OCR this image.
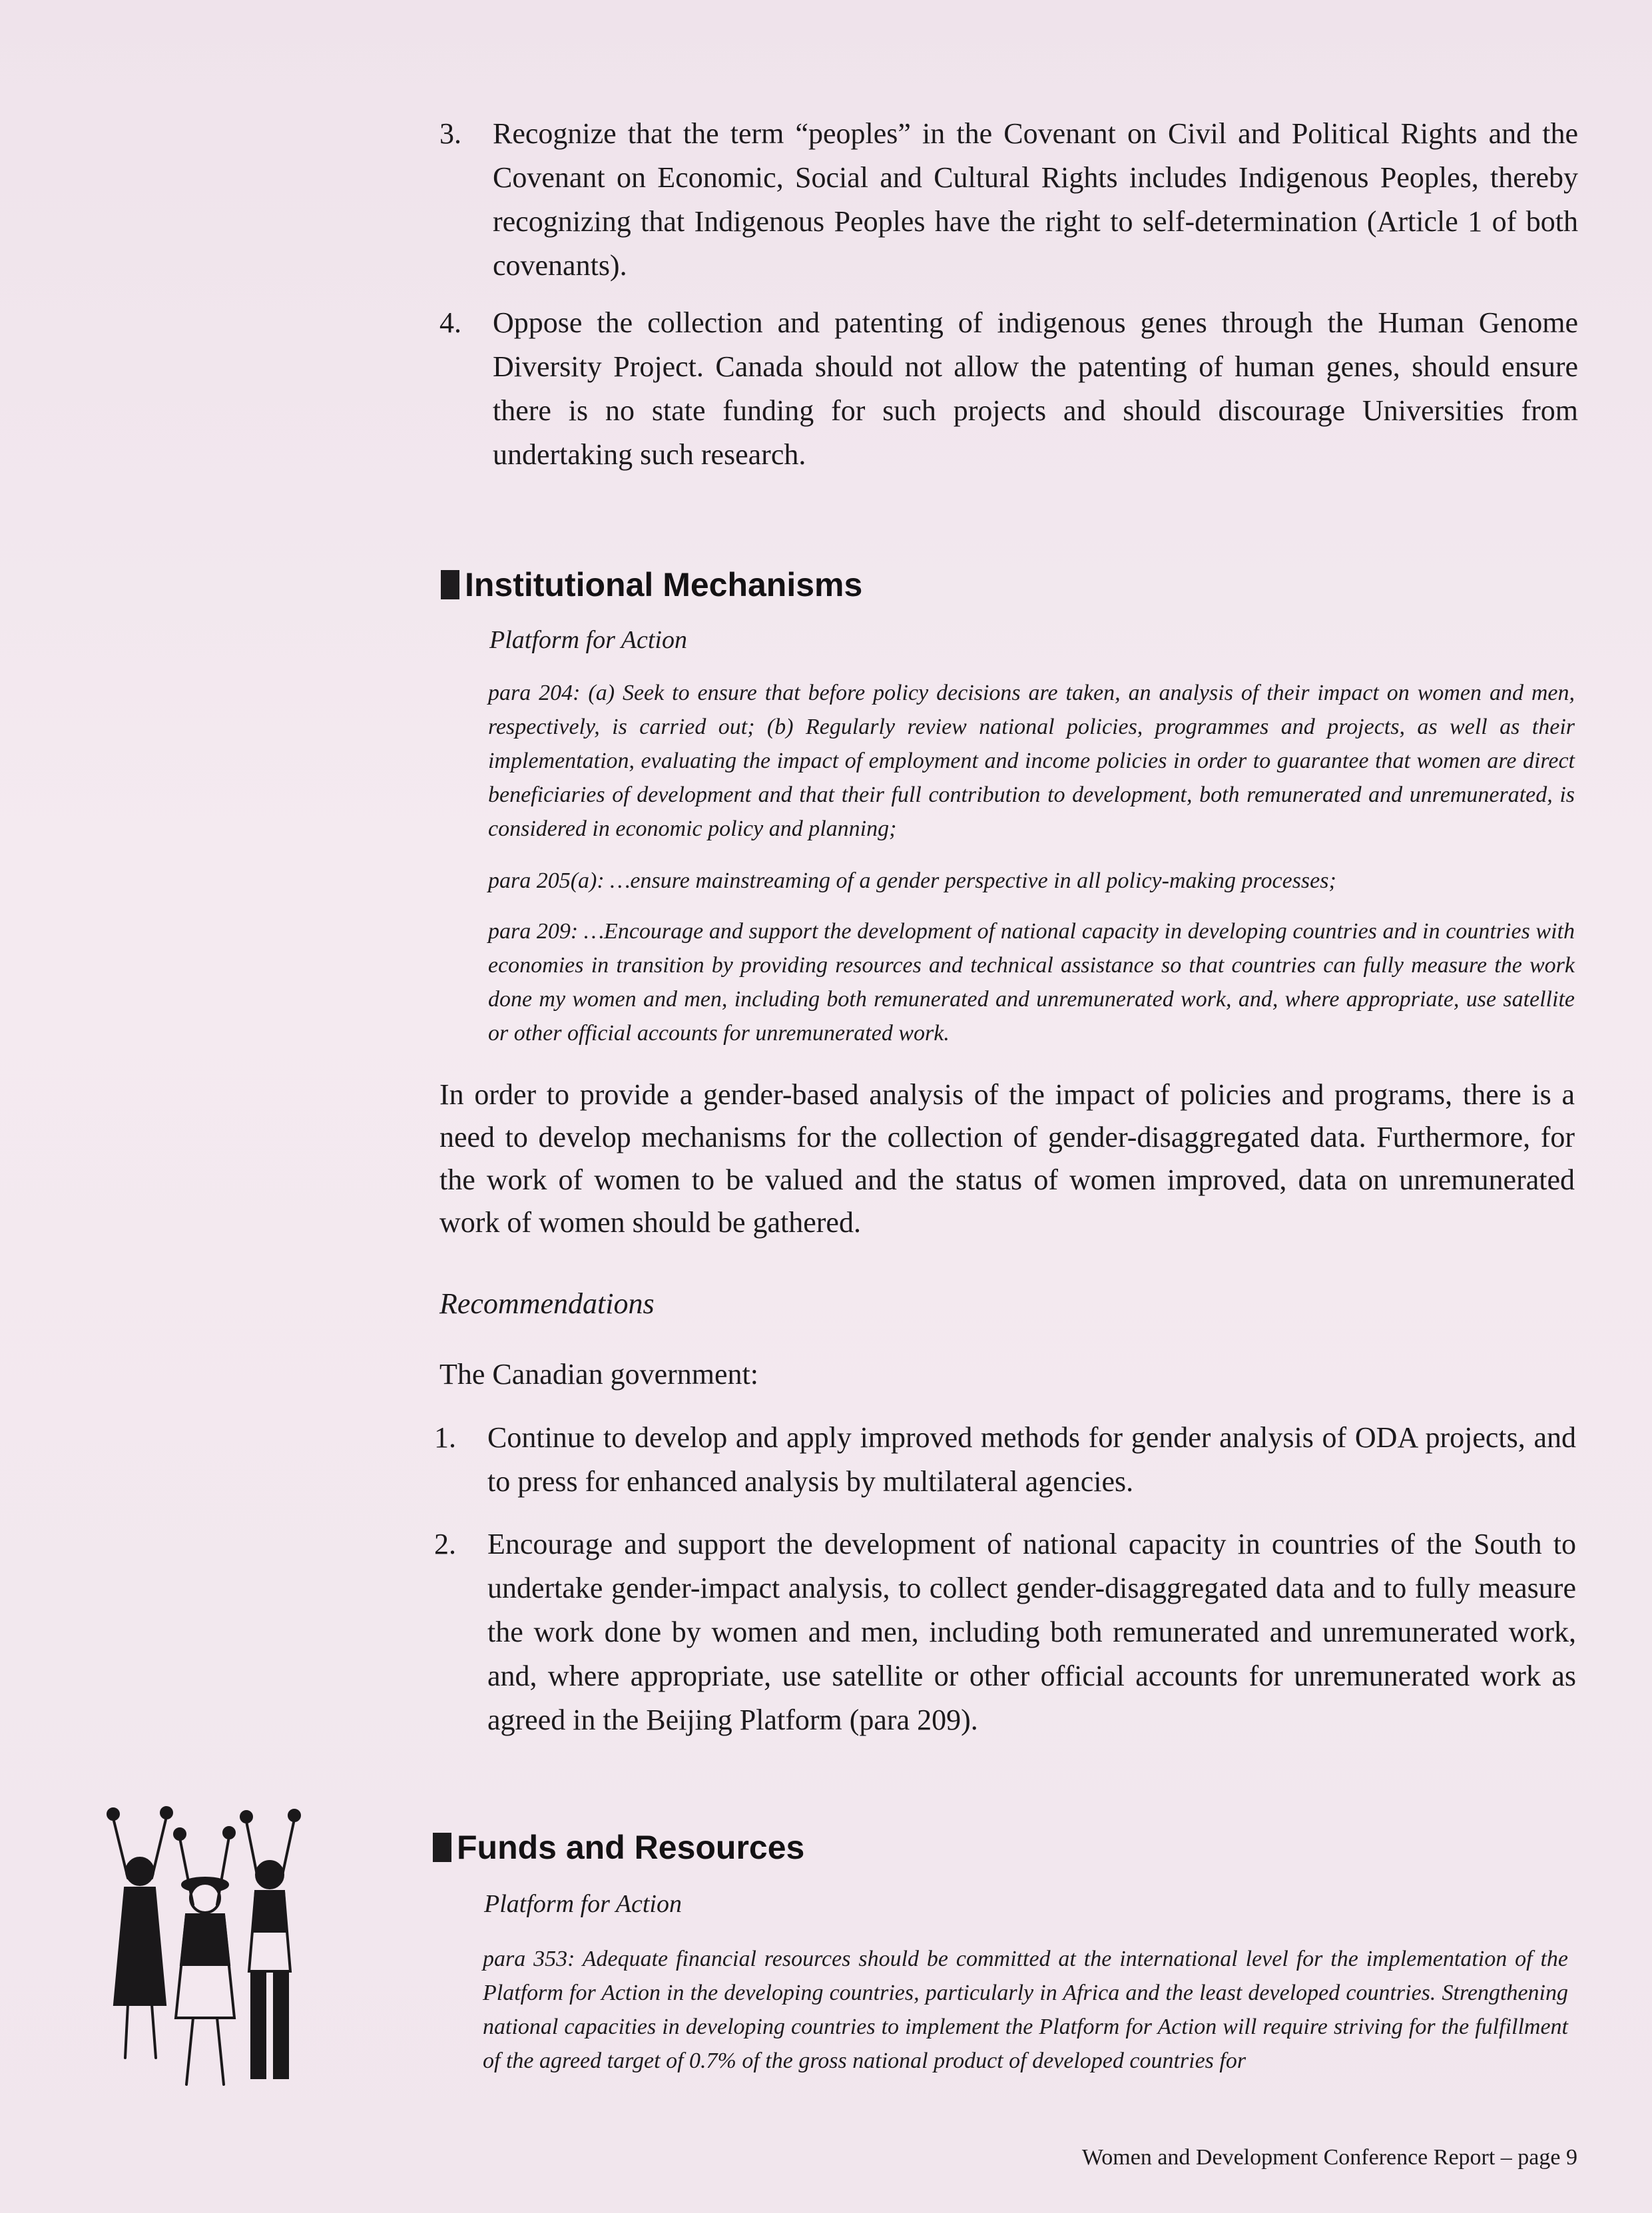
3.	Recognize that the term “peoples” in the Covenant on Civil and Political Rights and the Covenant on Economic, Social and Cultural Rights includes Indigenous Peoples, thereby recognizing that Indigenous Peoples have the right to self-determination (Article 1 of both covenants).
4.	Oppose the collection and patenting of indigenous genes through the Human Genome Diversity Project. Canada should not allow the patenting of human genes, should ensure there is no state funding for such projects and should discourage Universities from undertaking such research.
Institutional Mechanisms
Platform for Action
para 204: (a) Seek to ensure that before policy decisions are taken, an analysis of their impact on women and men, respectively, is carried out; (b) Regularly review national policies, programmes and projects, as well as their implementation, evaluating the impact of employment and income policies in order to guarantee that women are direct beneficiaries of development and that their full contribution to development, both remunerated and unremunerated, is considered in economic policy and planning;
para 205(a): …ensure mainstreaming of a gender perspective in all policy-making processes;
para 209: …Encourage and support the development of national capacity in developing countries and in countries with economies in transition by providing resources and technical assistance so that countries can fully measure the work done my women and men, including both remunerated and unremunerated work, and, where appropriate, use satellite or other official accounts for unremunerated work.
In order to provide a gender-based analysis of the impact of policies and programs, there is a need to develop mechanisms for the collection of gender-disaggregated data. Furthermore, for the work of women to be valued and the status of women improved, data on unremunerated work of women should be gathered.
Recommendations
The Canadian government:
1.	Continue to develop and apply improved methods for gender analysis of ODA projects, and to press for enhanced analysis by multilateral agencies.
2.	Encourage and support the development of national capacity in countries of the South to undertake gender-impact analysis, to collect gender-disaggregated data and to fully measure the work done by women and men, including both remunerated and unremunerated work, and, where appropriate, use satellite or other official accounts for unremunerated work as agreed in the Beijing Platform (para 209).
Funds and Resources
Platform for Action
para 353: Adequate financial resources should be committed at the international level for the implementation of the Platform for Action in the developing countries, particularly in Africa and the least developed countries. Strengthening national capacities in developing countries to implement the Platform for Action will require striving for the fulfillment of the agreed target of 0.7% of the gross national product of developed countries for
Women and Development Conference Report – page 9
